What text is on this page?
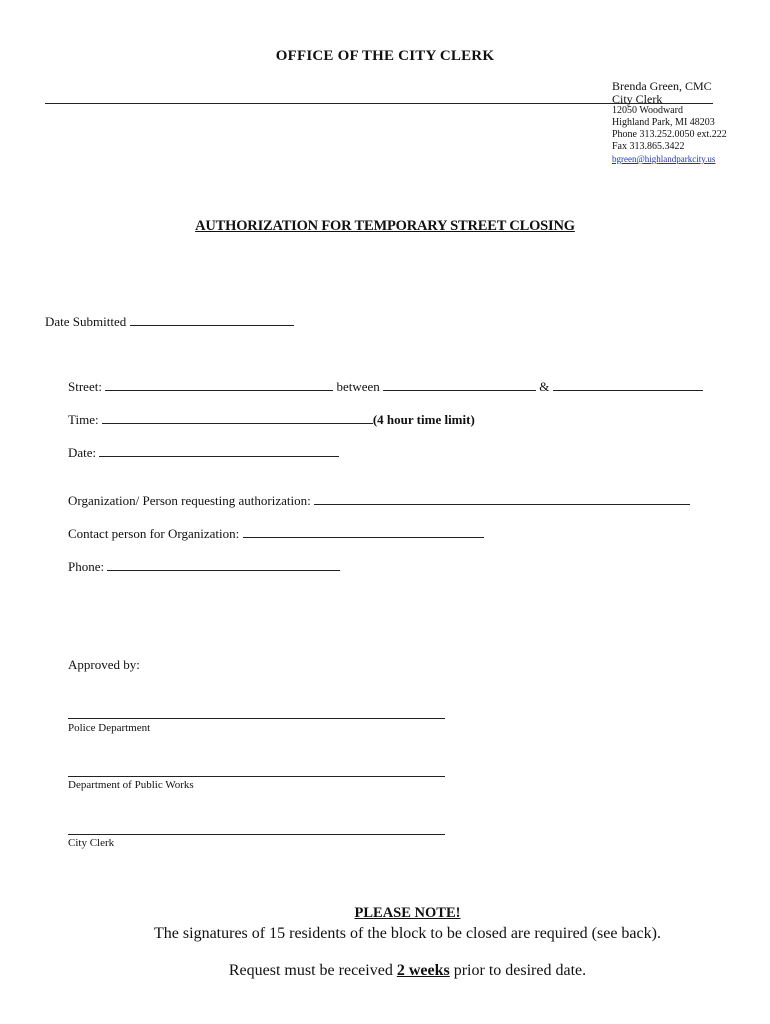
OFFICE OF THE CITY CLERK
Brenda Green, CMC
City Clerk
12050 Woodward
Highland Park, MI 48203
Phone 313.252.0050 ext.222
Fax 313.865.3422
bgreen@highlandparkcity.us
AUTHORIZATION FOR TEMPORARY STREET CLOSING
Date Submitted
Street:	between	&
Time:	(4 hour time limit)
Date:
Organization/ Person requesting authorization:
Contact person for Organization:
Phone:
Approved by:
Police Department
Department of Public Works
City Clerk
PLEASE NOTE!
The signatures of 15 residents of the block to be closed are required (see back).
Request must be received 2 weeks prior to desired date.
